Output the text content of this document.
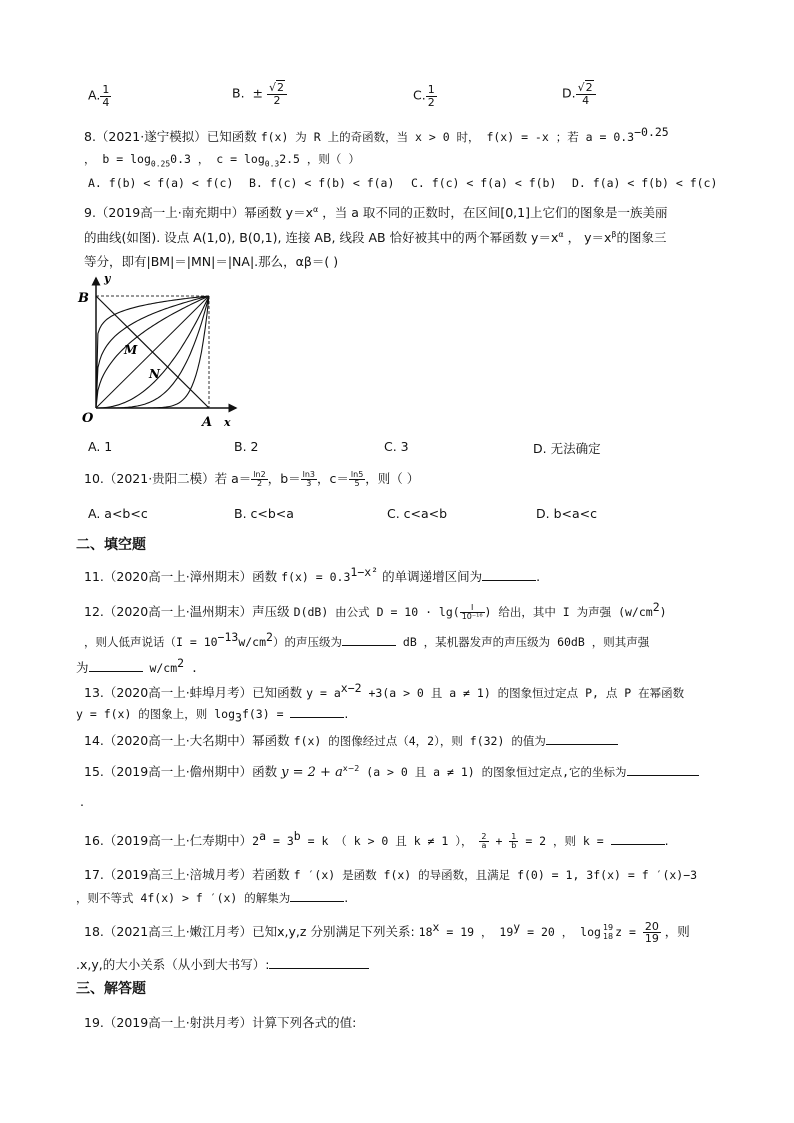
A. $\frac{1}{4}$	B. ± $\frac{√2}{2}$	C. $\frac{1}{2}$	D. $\frac{√2}{4}$
8.（2021·遂宁模拟）已知函数 f(x) 为 R 上的奇函数，当 x > 0 时， f(x) = -x ；若 $a = 0.3^{-0.25}$
， $b = \log_{0.25}0.3$ ， $c = \log_{0.3}2.5$ ，则（ ）
A. f(b) < f(a) < f(c) B. f(c) < f(b) < f(a) C. f(c) < f(a) < f(b) D. f(a) < f(b) < f(c)
9.（2019高一上·南充期中）幂函数 $y=x^\alpha$ ，当 a 取不同的正数时，在区间[0,1]上它们的图象是一族美丽
的曲线(如图). 设点 A(1,0), B(0,1), 连接 AB, 线段 AB 恰好被其中的两个幂函数 $y=x^\alpha$ ， $y=x^\beta$的图象三
等分，即有|BM|＝|MN|＝|NA|.那么，αβ＝( )
B
y
O	A x
M
N
A. 1	B. 2	C. 3	D. 无法确定
10.（2021·贵阳二模）若 $a= \frac{\ln 2}{2}$ ，$b= \frac{\ln 3}{3}$ ，$c= \frac{\ln 5}{5}$ ，则（ ）
A. a<b<c	B. c<b<a	C. c<a<b	D. b<a<c
二、填空题
11.（2020高一上·漳州期末）函数 $f(x) = 0.3^{1-x^2}$ 的单调递增区间为	.
12.（2020高一上·温州期末）声压级 D(dB) 由公式 $D = 10 \cdot \lg( \frac{I}{\text{10⁻¹⁶}}$ ) 给出，其中 I 为声强 $(w/cm^2)$
，则人低声说话$(I = 10^{-13}w/cm^2)$的声压级为	dB ，某机器发声的声压级为 60dB ，则其声强
为	$w/cm^2$ .
13.（2020高一上·蚌埠月考）已知函数 $y = a^{x-2} +3(a > 0$ 且 a ≠ 1) 的图象恒过定点 P, 点 P 在幂函数
y = f(x) 的图象上，则 $\log_3f(3)$ =	.
14.（2020高一上·大名期中）幂函数 f(x) 的图像经过点（4，2），则 f(32) 的值为
15.（2019高一上·儋州期中）函数 $y = 2 + a^{x-2}$ (a > 0 且 a ≠ 1) 的图象恒过定点,它的坐标为
.
16.（2019高一上·仁寿期中）$2^a = 3^b = k$ （ k > 0 且 k ≠ 1 ）， $\frac{2}{a} + \frac{1}{b} = 2$ ，则 k =	.
17.（2019高三上·涪城月考）若函数 f ′(x) 是函数 f(x) 的导函数，且满足 f(0) = 1, 3f(x) = f ′(x)−3
，则不等式 4f(x) > f ′(x) 的解集为	.
18.（2021高三上·嫩江月考）已知x,y,z 分别满足下列关系: $18^x = 19$ ， $19^y = 20$ ， log 19
18 $z = \frac{20}{19}$ ，则
.x,y,的大小关系（从小到大书写）:
三、解答题
19.（2019高一上·射洪月考）计算下列各式的值:
